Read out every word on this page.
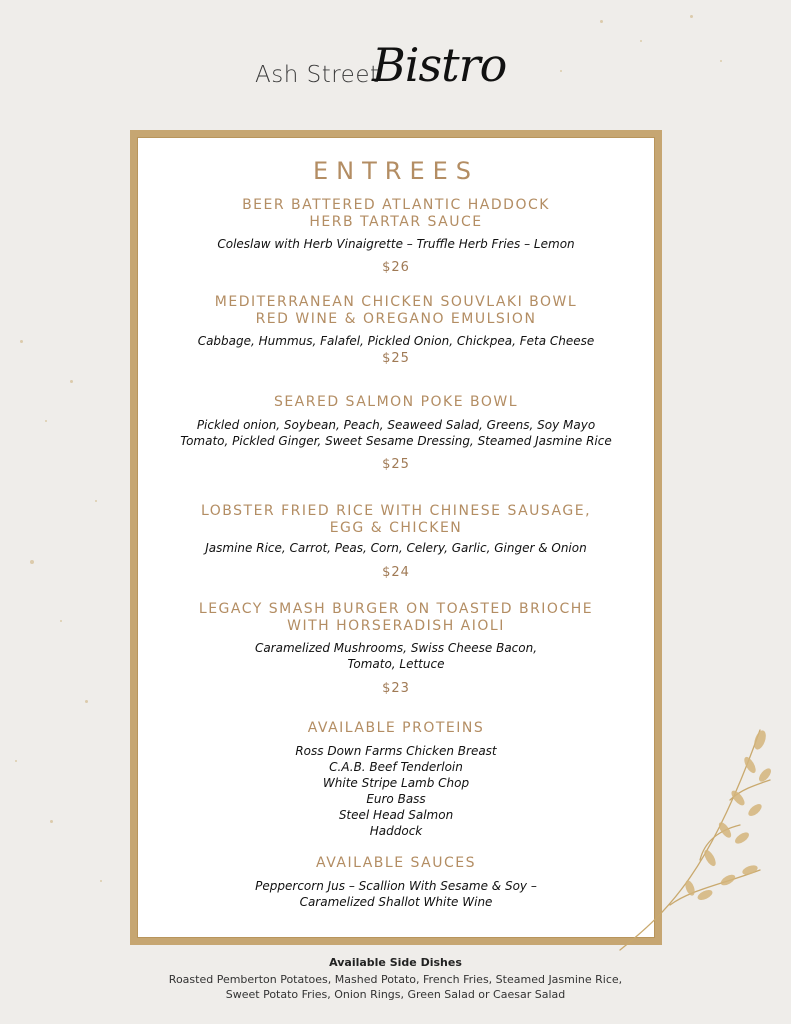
Ash Street
Bistro
ENTREES
BEER BATTERED ATLANTIC HADDOCK
HERB TARTAR SAUCE
Coleslaw with Herb Vinaigrette – Truffle Herb Fries – Lemon
$26
MEDITERRANEAN CHICKEN SOUVLAKI BOWL
RED WINE & OREGANO EMULSION
Cabbage, Hummus, Falafel, Pickled Onion, Chickpea, Feta Cheese
$25
SEARED SALMON POKE BOWL
Pickled onion, Soybean, Peach, Seaweed Salad, Greens, Soy Mayo
Tomato, Pickled Ginger, Sweet Sesame Dressing, Steamed Jasmine Rice
$25
LOBSTER FRIED RICE WITH CHINESE SAUSAGE,
EGG & CHICKEN
Jasmine Rice, Carrot, Peas, Corn, Celery, Garlic, Ginger & Onion
$24
LEGACY SMASH BURGER ON TOASTED BRIOCHE
WITH HORSERADISH AIOLI
Caramelized Mushrooms, Swiss Cheese Bacon,
Tomato, Lettuce
$23
AVAILABLE PROTEINS
Ross Down Farms Chicken Breast
C.A.B. Beef Tenderloin
White Stripe Lamb Chop
Euro Bass
Steel Head Salmon
Haddock
AVAILABLE SAUCES
Peppercorn Jus – Scallion With Sesame & Soy –
Caramelized Shallot White Wine
Available Side Dishes
Roasted Pemberton Potatoes, Mashed Potato, French Fries, Steamed Jasmine Rice,
Sweet Potato Fries, Onion Rings, Green Salad or Caesar Salad
